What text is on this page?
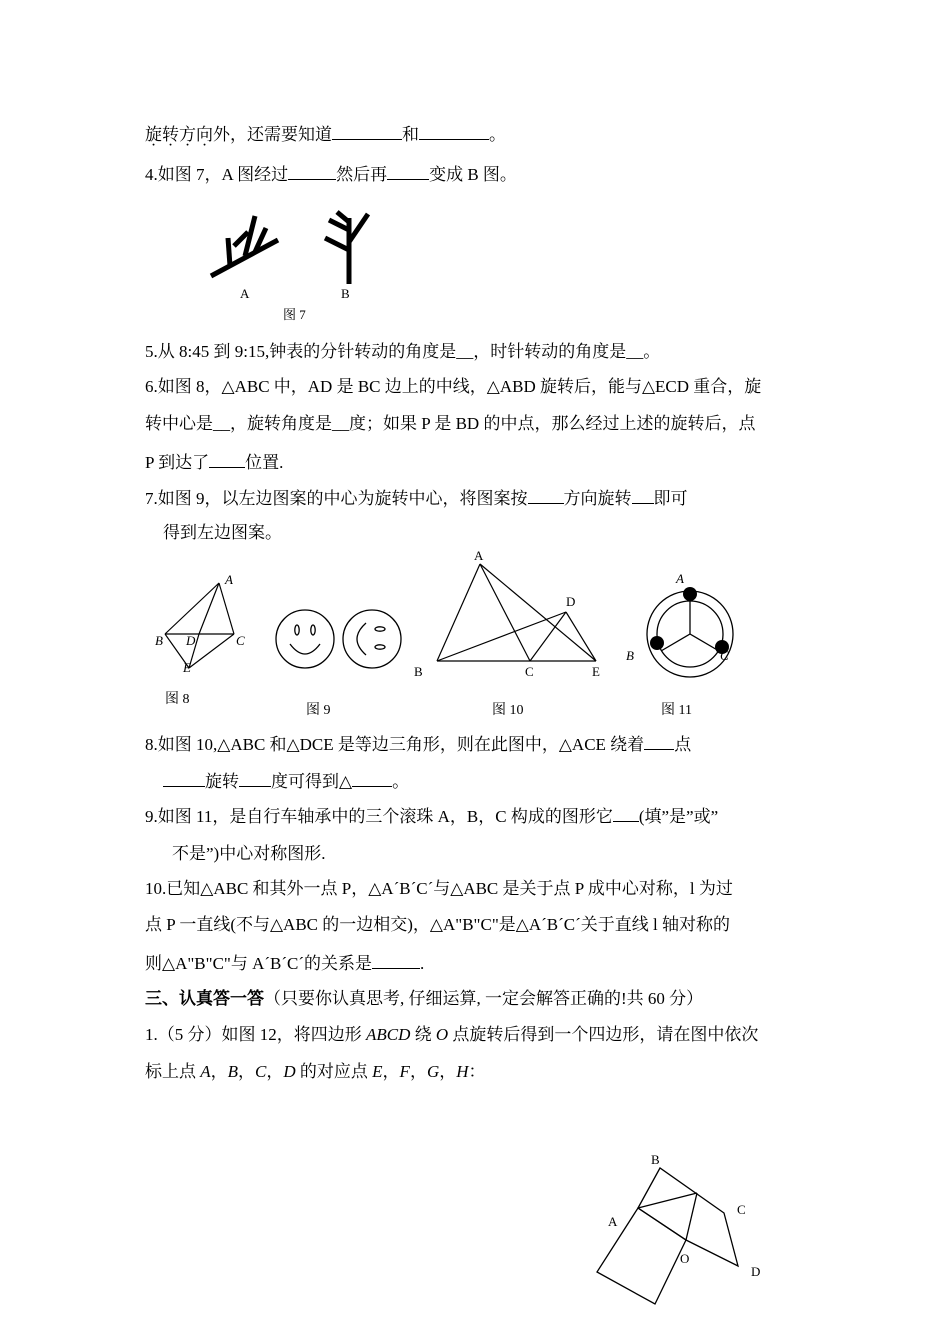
旋转方向外，还需要知道	和	。
4.如图 7，A 图经过	然后再 变成 B 图。
5.从 8:45 到 9:15,钟表的分针转动的角度是__，时针转动的角度是__。
6.如图 8，△ABC 中，AD 是 BC 边上的中线，△ABD 旋转后，能与△ECD 重合，旋
转中心是__，旋转角度是__度；如果 P 是 BD 的中点，那么经过上述的旋转后，点
P 到达了 位置.
7.如图 9，以左边图案的中心为旋转中心，将图案按 方向旋转 即可
得到左边图案。
8.如图 10,△ABC 和△DCE 是等边三角形，则在此图中，△ACE 绕着 点
旋转 度可得到△ 。
9.如图 11，是自行车轴承中的三个滚珠 A，B，C 构成的图形它 (填”是”或”
不是”)中心对称图形.
10.已知△ABC 和其外一点 P，△A´B´C´与△ABC 是关于点 P 成中心对称，l 为过
点 P 一直线(不与△ABC 的一边相交)，△A"B"C"是△A´B´C´关于直线 l 轴对称的
则△A"B"C"与 A´B´C´的关系是	.
三、认真答一答（只要你认真思考, 仔细运算, 一定会解答正确的!共 60 分）
1.（5 分）如图 12，将四边形 ABCD 绕 O 点旋转后得到一个四边形，请在图中依次
标上点 A，B，C，D 的对应点 E，F，G，H：
A	B
图 7
A
B D	C
E
图 8
图 9
A
D
B	C	E
图 10
A
B	C
图 11
B
C
A
O
D
